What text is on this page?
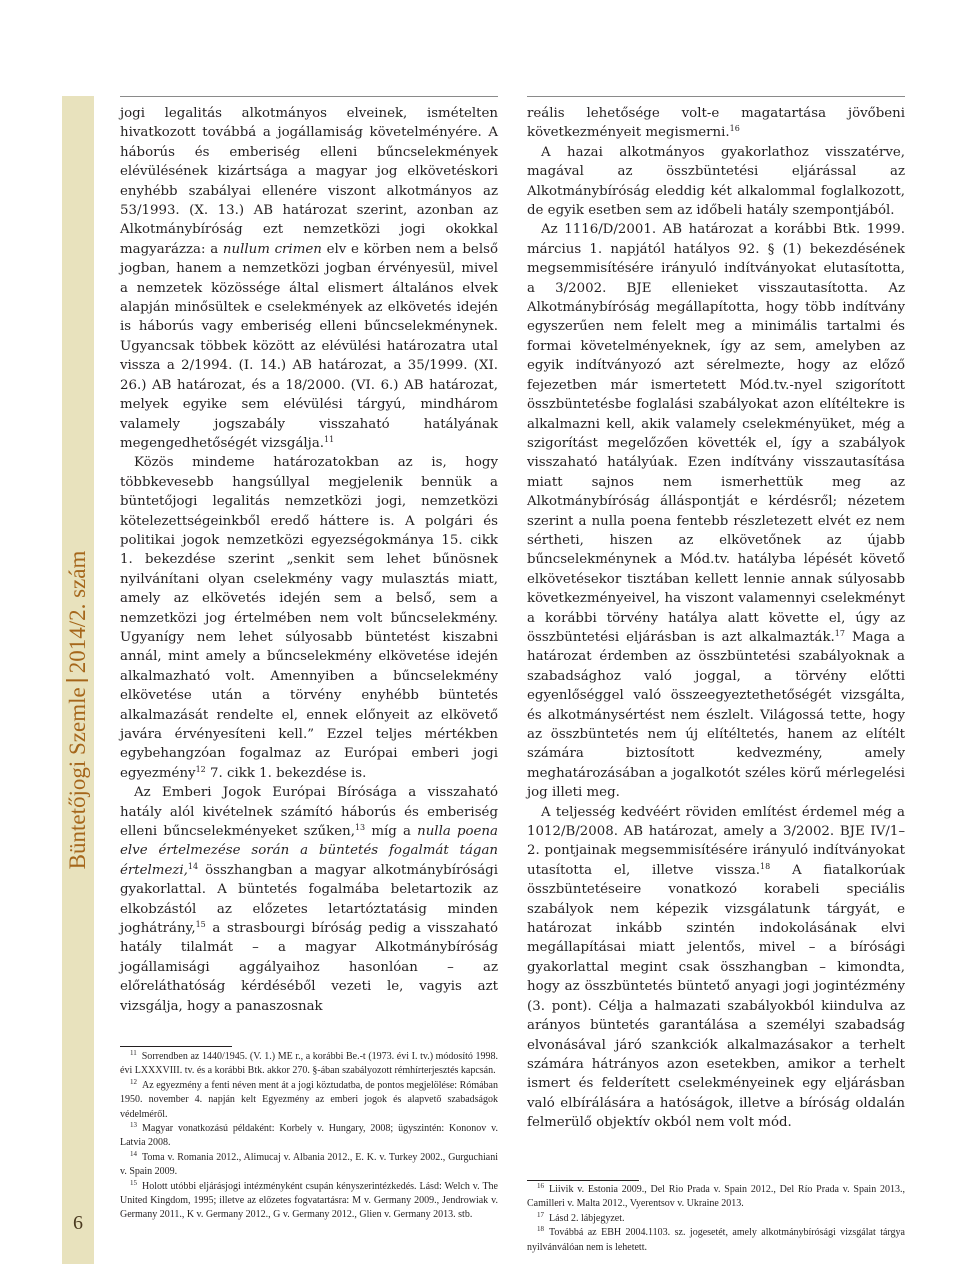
Büntetőjogi Szemle2014/2. szám
6

jogi legalitás alkotmányos elveinek, ismételten hivatkozott továbbá a jogállamiság követelményére. A háborús és emberiség elleni bűncselekmények elévülésének kizártsága a magyar jog elkövetéskori enyhébb szabályai ellenére viszont alkotmányos az 53/1993. (X. 13.) AB határozat szerint, azonban az Alkotmánybíróság ezt nemzetközi jogi okokkal magyarázza: a nullum crimen elv e körben nem a belső jogban, hanem a nemzetközi jogban érvényesül, mivel a nemzetek közössége által elismert általános elvek alapján minősültek e cselekmények az elkövetés idején is háborús vagy emberiség elleni bűncselekménynek. Ugyancsak többek között az elévülési határozatra utal vissza a 2/1994. (I. 14.) AB határozat, a 35/1999. (XI. 26.) AB határozat, és a 18/2000. (VI. 6.) AB határozat, melyek egyike sem elévülési tárgyú, mindhárom valamely jogszabály visszaható hatályának megengedhetőségét vizsgálja.$^{11}$

Közös mindeme határozatokban az is, hogy többkevesebb hangsúllyal megjelenik bennük a büntetőjogi legalitás nemzetközi jogi, nemzetközi kötelezettségeinkből eredő háttere is. A polgári és politikai jogok nemzetközi egyezségokmánya 15. cikk 1. bekezdése szerint „senkit sem lehet bűnösnek nyilvánítani olyan cselekmény vagy mulasztás miatt, amely az elkövetés idején sem a belső, sem a nemzetközi jog értelmében nem volt bűncselekmény. Ugyanígy nem lehet súlyosabb büntetést kiszabni annál, mint amely a bűncselekmény elkövetése idején alkalmazható volt. Amennyiben a bűncselekmény elkövetése után a törvény enyhébb büntetés alkalmazását rendelte el, ennek előnyeit az elkövető javára érvényesíteni kell.” Ezzel teljes mértékben egybehangzóan fogalmaz az Európai emberi jogi egyezmény$^{12}$ 7. cikk 1. bekezdése is.

Az Emberi Jogok Európai Bírósága a visszaható hatály alól kivételnek számító háborús és emberiség elleni bűncselekményeket szűken,$^{13}$ míg a nulla poena elve értelmezése során a büntetés fogalmát tágan értelmezi,$^{14}$ összhangban a magyar alkotmánybírósági gyakorlattal. A büntetés fogalmába beletartozik az elkobzástól az előzetes letartóztatásig minden joghátrány,$^{15}$ a strasbourgi bíróság pedig a visszaható hatály tilalmát – a magyar Alkotmánybíróság jogállamisági aggályaihoz hasonlóan – az előreláthatóság kérdéséből vezeti le, vagyis azt vizsgálja, hogy a panaszosnak

reális lehetősége volt-e magatartása jövőbeni következményeit megismerni.$^{16}$

A hazai alkotmányos gyakorlathoz visszatérve, magával az összbüntetési eljárással az Alkotmánybíróság eleddig két alkalommal foglalkozott, de egyik esetben sem az időbeli hatály szempontjából.

Az 1116/D/2001. AB határozat a korábbi Btk. 1999. március 1. napjától hatályos 92. § (1) bekezdésének megsemmisítésére irányuló indítványokat elutasította, a 3/2002. BJE ellenieket visszautasította. Az Alkotmánybíróság megállapította, hogy több indítvány egyszerűen nem felelt meg a minimális tartalmi és formai követelményeknek, így az sem, amelyben az egyik indítványozó azt sérelmezte, hogy az előző fejezetben már ismertetett Mód.tv.-nyel szigorított összbüntetésbe foglalási szabályokat azon elítéltekre is alkalmazni kell, akik valamely cselekményüket, még a szigorítást megelőzően követték el, így a szabályok visszaható hatályúak. Ezen indítvány visszautasítása miatt sajnos nem ismerhettük meg az Alkotmánybíróság álláspontját e kérdésről; nézetem szerint a nulla poena fentebb részletezett elvét ez nem sértheti, hiszen az elkövetőnek az újabb bűncselekménynek a Mód.tv. hatályba lépését követő elkövetésekor tisztában kellett lennie annak súlyosabb következményeivel, ha viszont valamennyi cselekményt a korábbi törvény hatálya alatt követte el, úgy az összbüntetési eljárásban is azt alkalmazták.$^{17}$ Maga a határozat érdemben az összbüntetési szabályoknak a szabadsághoz való joggal, a törvény előtti egyenlőséggel való összeegyeztethetőségét vizsgálta, és alkotmánysértést nem észlelt. Világossá tette, hogy az összbüntetés nem új elítéltetés, hanem az elítélt számára biztosított kedvezmény, amely meghatározásában a jogalkotót széles körű mérlegelési jog illeti meg.

A teljesség kedvéért röviden említést érdemel még a 1012/B/2008. AB határozat, amely a 3/2002. BJE IV/1–2. pontjainak megsemmisítésére irányuló indítványokat utasította el, illetve vissza.$^{18}$ A fiatalkorúak összbüntetéseire vonatkozó korabeli speciális szabályok nem képezik vizsgálatunk tárgyát, e határozat inkább szintén indokolásának elvi megállapításai miatt jelentős, mivel – a bírósági gyakorlattal megint csak összhangban – kimondta, hogy az összbüntetés büntető anyagi jogi jogintézmény (3. pont). Célja a halmazati szabályokból kiindulva az arányos büntetés garantálása a személyi szabadság elvonásával járó szankciók alkalmazásakor a terhelt számára hátrányos azon esetekben, amikor a terhelt ismert és felderített cselekményeinek egy eljárásban való elbírálására a hatóságok, illetve a bíróság oldalán felmerülő objektív okból nem volt mód.

$^{11}$  Sorrendben az 1440/1945. (V. 1.) ME r., a korábbi Be.-t (1973. évi I. tv.) módosító 1998. évi LXXXVIII. tv. és a korábbi Btk. akkor 270. §-ában szabályozott rémhírterjesztés kapcsán.

$^{12}$  Az egyezmény a fenti néven ment át a jogi köztudatba, de pontos megjelölése: Rómában 1950. november 4. napján kelt Egyezmény az emberi jogok és alapvető szabadságok védelméről.

$^{13}$  Magyar vonatkozású példaként: Korbely v. Hungary, 2008; ügyszintén: Kononov v. Latvia 2008.

$^{14}$  Toma v. Romania 2012., Alimucaj v. Albania 2012., E. K. v. Turkey 2002., Gurguchiani v. Spain 2009.

$^{15}$  Holott utóbbi eljárásjogi intézményként csupán kényszerintézkedés. Lásd: Welch v. The United Kingdom, 1995; illetve az előzetes fogvatartásra: M v. Germany 2009., Jendrowiak v. Germany 2011., K v. Germany 2012., G v. Germany 2012., Glien v. Germany 2013. stb.

$^{16}$  Liivik v. Estonia 2009., Del Rio Prada v. Spain 2012., Del Río Prada v. Spain 2013., Camilleri v. Malta 2012., Vyerentsov v. Ukraine 2013.

$^{17}$  Lásd 2. lábjegyzet.

$^{18}$  Továbbá az EBH 2004.1103. sz. jogesetét, amely alkotmánybírósági vizsgálat tárgya nyilvánválóan nem is lehetett.
